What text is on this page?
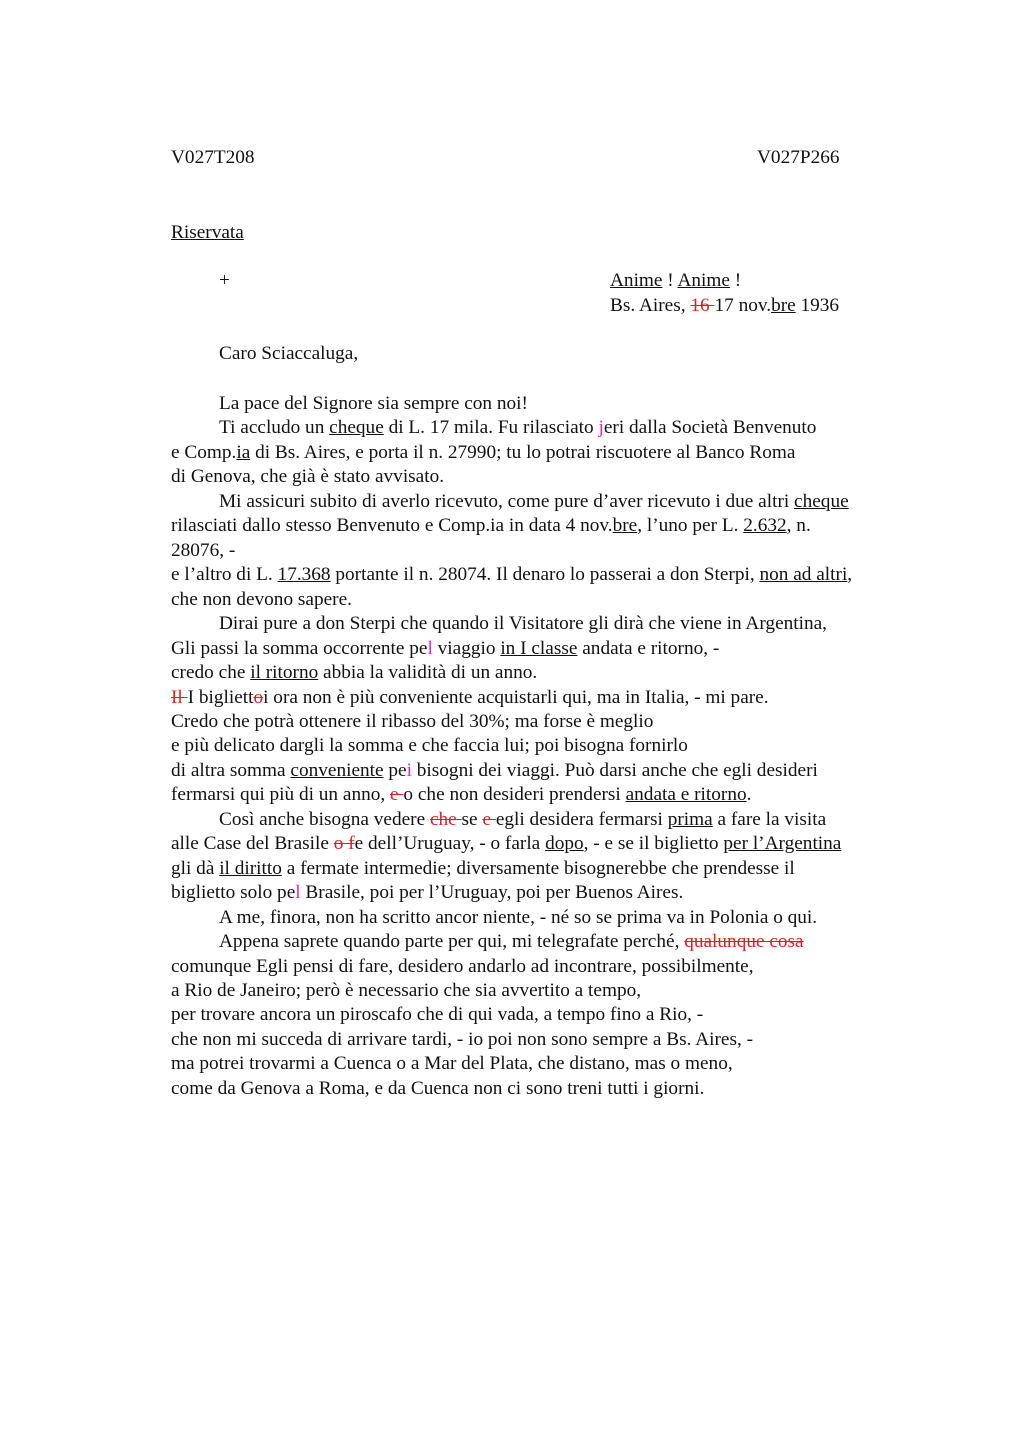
V027T208	V027P266
Riservata
+	Anime ! Anime !
Bs. Aires, 16 17 nov.bre 1936
Caro Sciaccaluga,
La pace del Signore sia sempre con noi!
Ti accludo un cheque di L. 17 mila. Fu rilasciato jeri dalla Società Benvenuto
e Comp.ia di Bs. Aires, e porta il n. 27990; tu lo potrai riscuotere al Banco Roma
di Genova, che già è stato avvisato.
Mi assicuri subito di averlo ricevuto, come pure d’aver ricevuto i due altri cheque
rilasciati dallo stesso Benvenuto e Comp.ia in data 4 nov.bre, l’uno per L. 2.632, n.
28076, -
e l’altro di L. 17.368 portante il n. 28074. Il denaro lo passerai a don Sterpi, non ad altri,
che non devono sapere.
Dirai pure a don Sterpi che quando il Visitatore gli dirà che viene in Argentina,
Gli passi la somma occorrente pel viaggio in I classe andata e ritorno, -
credo che il ritorno abbia la validità di un anno.
Il I bigliettoi ora non è più conveniente acquistarli qui, ma in Italia, - mi pare.
Credo che potrà ottenere il ribasso del 30%; ma forse è meglio
e più delicato dargli la somma e che faccia lui; poi bisogna fornirlo
di altra somma conveniente pei bisogni dei viaggi. Può darsi anche che egli desideri
fermarsi qui più di un anno, e o che non desideri prendersi andata e ritorno.
Così anche bisogna vedere che se e egli desidera fermarsi prima a fare la visita
alle Case del Brasile o fe dell’Uruguay, - o farla dopo, - e se il biglietto per l’Argentina
gli dà il diritto a fermate intermedie; diversamente bisognerebbe che prendesse il
biglietto solo pel Brasile, poi per l’Uruguay, poi per Buenos Aires.
A me, finora, non ha scritto ancor niente, - né so se prima va in Polonia o qui.
Appena saprete quando parte per qui, mi telegrafate perché, qualunque cosa
comunque Egli pensi di fare, desidero andarlo ad incontrare, possibilmente,
a Rio de Janeiro; però è necessario che sia avvertito a tempo,
per trovare ancora un piroscafo che di qui vada, a tempo fino a Rio, -
che non mi succeda di arrivare tardi, - io poi non sono sempre a Bs. Aires, -
ma potrei trovarmi a Cuenca o a Mar del Plata, che distano, mas o meno,
come da Genova a Roma, e da Cuenca non ci sono treni tutti i giorni.
